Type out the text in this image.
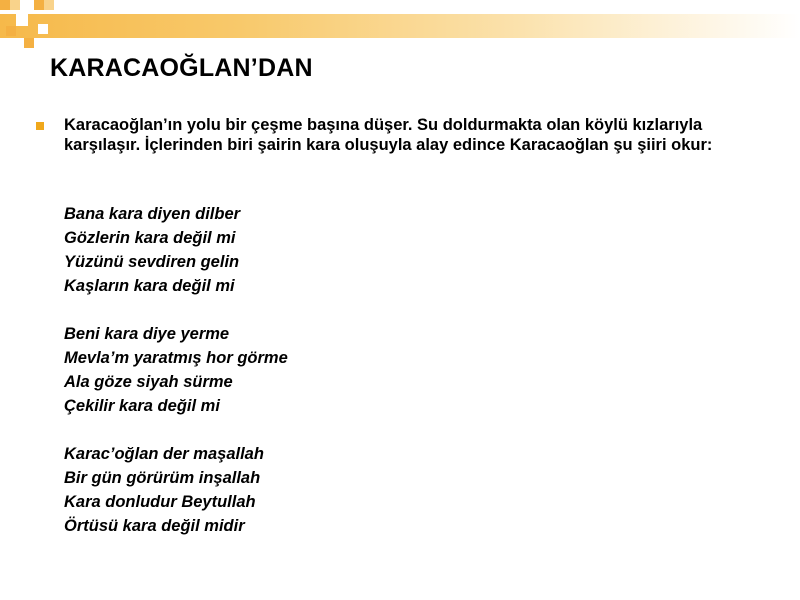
KARACAOĞLAN’DAN

Karacaoğlan’ın yolu bir çeşme başına düşer. Su doldurmakta olan köylü kızlarıyla karşılaşır. İçlerinden biri şairin kara oluşuyla alay edince Karacaoğlan şu şiiri okur:

Bana kara diyen dilber
Gözlerin kara değil mi
Yüzünü sevdiren gelin
Kaşların kara değil mi
Beni kara diye yerme
Mevla’m yaratmış hor görme
Ala göze siyah sürme
Çekilir kara değil mi
Karac’oğlan der maşallah
Bir gün görürüm inşallah
Kara donludur Beytullah
Örtüsü kara değil midir
